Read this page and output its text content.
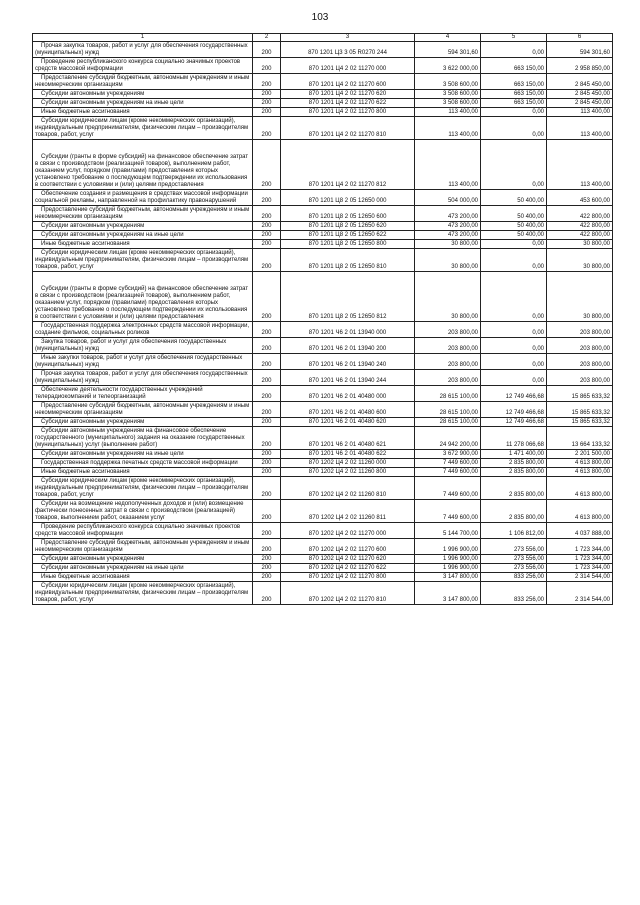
103
1	2	3	4	5	6
Прочая закупка товаров, работ и услуг для обеспечения государственных (муниципальных) нужд	200	870 1201 Ц3 3 05 R0270 244	594 301,60	0,00	594 301,60
Проведение республиканского конкурса социально значимых проектов средств массовой информации	200	870 1201 Ц4 2 02 11270 000	3 622 000,00	663 150,00	2 958 850,00
Предоставление субсидий бюджетным, автономным учреждениям и иным некоммерческим организациям	200	870 1201 Ц4 2 02 11270 600	3 508 600,00	663 150,00	2 845 450,00
Субсидии автономным учреждениям	200	870 1201 Ц4 2 02 11270 620	3 508 600,00	663 150,00	2 845 450,00
Субсидии автономным учреждениям на иные цели	200	870 1201 Ц4 2 02 11270 622	3 508 600,00	663 150,00	2 845 450,00
Иные бюджетные ассигнования	200	870 1201 Ц4 2 02 11270 800	113 400,00	0,00	113 400,00
Субсидии юридическим лицам (кроме некоммерческих организаций), индивидуальным предпринимателям, физическим лицам – производителям товаров, работ, услуг	200	870 1201 Ц4 2 02 11270 810	113 400,00	0,00	113 400,00
Субсидии (гранты в форме субсидий) на финансовое обеспечение затрат в связи с производством (реализацией товаров), выполнением работ, оказанием услуг, порядком (правилами) предоставления которых установлено требование о последующем подтверждении их использования в соответствии с условиями и (или) целями предоставления	200	870 1201 Ц4 2 02 11270 812	113 400,00	0,00	113 400,00
Обеспечение создания и размещения в средствах массовой информации социальной рекламы, направленной на профилактику правонарушений	200	870 1201 Ц8 2 05 12650 000	504 000,00	50 400,00	453 600,00
Предоставление субсидий бюджетным, автономным учреждениям и иным некоммерческим организациям	200	870 1201 Ц8 2 05 12650 600	473 200,00	50 400,00	422 800,00
Субсидии автономным учреждениям	200	870 1201 Ц8 2 05 12650 620	473 200,00	50 400,00	422 800,00
Субсидии автономным учреждениям на иные цели	200	870 1201 Ц8 2 05 12650 622	473 200,00	50 400,00	422 800,00
Иные бюджетные ассигнования	200	870 1201 Ц8 2 05 12650 800	30 800,00	0,00	30 800,00
Субсидии юридическим лицам (кроме некоммерческих организаций), индивидуальным предпринимателям, физическим лицам – производителям товаров, работ, услуг	200	870 1201 Ц8 2 05 12650 810	30 800,00	0,00	30 800,00
Субсидии (гранты в форме субсидий) на финансовое обеспечение затрат в связи с производством (реализацией товаров), выполнением работ, оказанием услуг, порядком (правилами) предоставления которых установлено требование о последующем подтверждении их использования в соответствии с условиями и (или) целями предоставления	200	870 1201 Ц8 2 05 12650 812	30 800,00	0,00	30 800,00
Государственная поддержка электронных средств массовой информации, создание фильмов, социальных роликов	200	870 1201 Ч6 2 01 13940 000	203 800,00	0,00	203 800,00
Закупка товаров, работ и услуг для обеспечения государственных (муниципальных) нужд	200	870 1201 Ч6 2 01 13940 200	203 800,00	0,00	203 800,00
Иные закупки товаров, работ и услуг для обеспечения государственных (муниципальных) нужд	200	870 1201 Ч6 2 01 13940 240	203 800,00	0,00	203 800,00
Прочая закупка товаров, работ и услуг для обеспечения государственных (муниципальных) нужд	200	870 1201 Ч6 2 01 13940 244	203 800,00	0,00	203 800,00
Обеспечение деятельности государственных учреждений телерадиокомпаний и телеорганизаций	200	870 1201 Ч6 2 01 40480 000	28 615 100,00	12 749 466,68	15 865 633,32
Предоставление субсидий бюджетным, автономным учреждениям и иным некоммерческим организациям	200	870 1201 Ч6 2 01 40480 600	28 615 100,00	12 749 466,68	15 865 633,32
Субсидии автономным учреждениям	200	870 1201 Ч6 2 01 40480 620	28 615 100,00	12 749 466,68	15 865 633,32
Субсидии автономным учреждениям на финансовое обеспечение государственного (муниципального) задания на оказание государственных (муниципальных) услуг (выполнение работ)	200	870 1201 Ч6 2 01 40480 621	24 942 200,00	11 278 066,68	13 664 133,32
Субсидии автономным учреждениям на иные цели	200	870 1201 Ч6 2 01 40480 622	3 672 900,00	1 471 400,00	2 201 500,00
Государственная поддержка печатных средств массовой информации	200	870 1202 Ц4 2 02 11260 000	7 449 600,00	2 835 800,00	4 613 800,00
Иные бюджетные ассигнования	200	870 1202 Ц4 2 02 11260 800	7 449 600,00	2 835 800,00	4 613 800,00
Субсидии юридическим лицам (кроме некоммерческих организаций), индивидуальным предпринимателям, физическим лицам – производителям товаров, работ, услуг	200	870 1202 Ц4 2 02 11260 810	7 449 600,00	2 835 800,00	4 613 800,00
Субсидии на возмещение недополученных доходов и (или) возмещение фактически понесенных затрат в связи с производством (реализацией) товаров, выполнением работ, оказанием услуг	200	870 1202 Ц4 2 02 11260 811	7 449 600,00	2 835 800,00	4 613 800,00
Проведение республиканского конкурса социально значимых проектов средств массовой информации	200	870 1202 Ц4 2 02 11270 000	5 144 700,00	1 106 812,00	4 037 888,00
Предоставление субсидий бюджетным, автономным учреждениям и иным некоммерческим организациям	200	870 1202 Ц4 2 02 11270 600	1 996 900,00	273 556,00	1 723 344,00
Субсидии автономным учреждениям	200	870 1202 Ц4 2 02 11270 620	1 996 900,00	273 556,00	1 723 344,00
Субсидии автономным учреждениям на иные цели	200	870 1202 Ц4 2 02 11270 622	1 996 900,00	273 556,00	1 723 344,00
Иные бюджетные ассигнования	200	870 1202 Ц4 2 02 11270 800	3 147 800,00	833 256,00	2 314 544,00
Субсидии юридическим лицам (кроме некоммерческих организаций), индивидуальным предпринимателям, физическим лицам – производителям товаров, работ, услуг	200	870 1202 Ц4 2 02 11270 810	3 147 800,00	833 256,00	2 314 544,00
